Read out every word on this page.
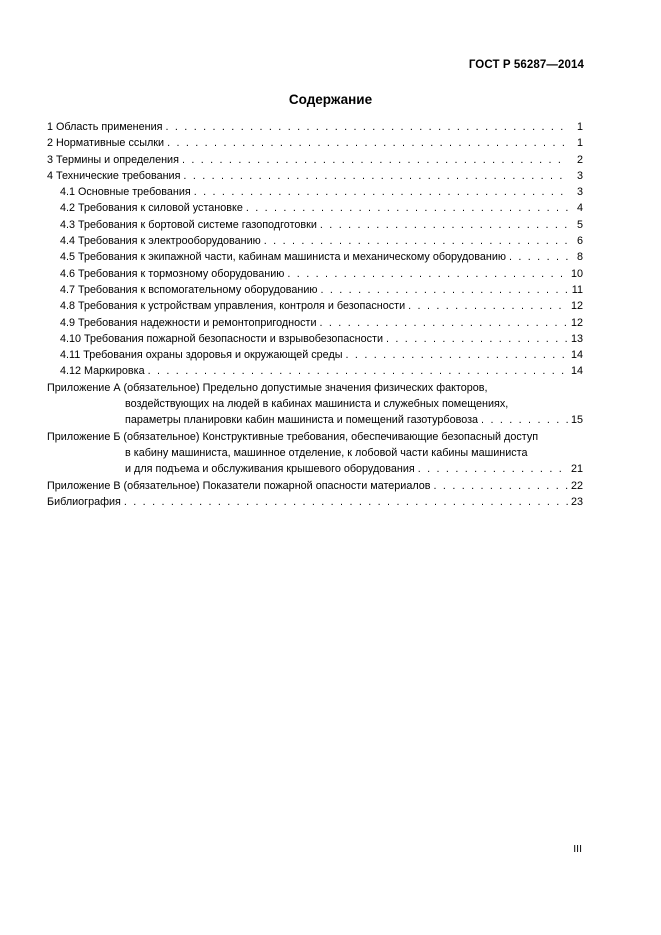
ГОСТ Р 56287—2014
Содержание
1 Область применения . . .	1
2 Нормативные ссылки . . .	1
3 Термины и определения . . .	2
4 Технические требования . . .	3
4.1 Основные требования . . .	3
4.2 Требования к силовой установке . . .	4
4.3 Требования к бортовой системе газоподготовки . . .	5
4.4 Требования к электрооборудованию . . .	6
4.5 Требования к экипажной части, кабинам машиниста и механическому оборудованию . . .	8
4.6 Требования к тормозному оборудованию . . .	10
4.7 Требования к вспомогательному оборудованию . . .	11
4.8 Требования к устройствам управления, контроля и безопасности . . .	12
4.9 Требования надежности и ремонтопригодности . . .	12
4.10 Требования пожарной безопасности и взрывобезопасности . . .	13
4.11 Требования охраны здоровья и окружающей среды . . .	14
4.12 Маркировка . . .	14
Приложение А (обязательное) Предельно допустимые значения физических факторов,
воздействующих на людей в кабинах машиниста и служебных помещениях,
параметры планировки кабин машиниста и помещений газотурбовоза . . .	15
Приложение Б (обязательное) Конструктивные требования, обеспечивающие безопасный доступ
в кабину машиниста, машинное отделение, к лобовой части кабины машиниста
и для подъема и обслуживания крышевого оборудования . . .	21
Приложение В (обязательное) Показатели пожарной опасности материалов . . .	22
Библиография . . .	23
III
